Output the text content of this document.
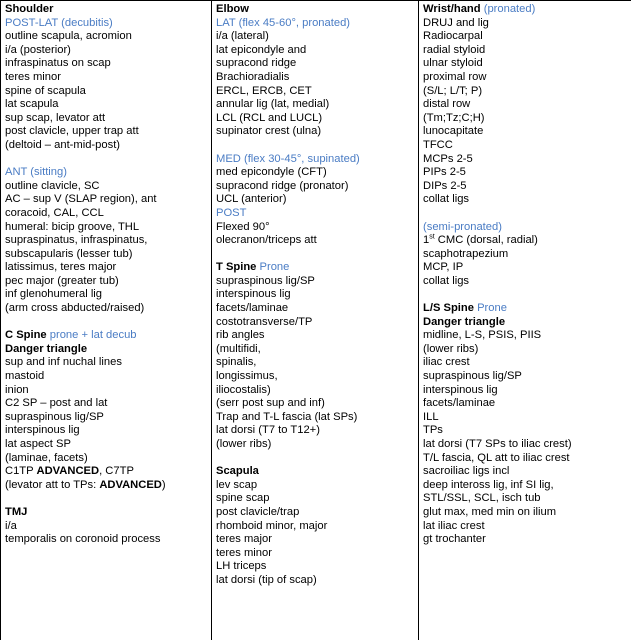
Shoulder
POST-LAT (decubitis)
outline scapula, acromion
i/a (posterior)
infraspinatus on scap
teres minor
spine of scapula
lat scapula
sup scap, levator att
post clavicle, upper trap att
(deltoid – ant-mid-post)
ANT (sitting)
outline clavicle, SC
AC – sup V (SLAP region), ant
coracoid, CAL, CCL
humeral: bicip groove, THL
supraspinatus, infraspinatus,
subscapularis (lesser tub)
latissimus, teres major
pec major (greater tub)
inf glenohumeral lig
(arm cross abducted/raised)
C Spine prone + lat decub
Danger triangle
sup and inf nuchal lines
mastoid
inion
C2 SP – post and lat
supraspinous lig/SP
interspinous lig
lat aspect SP
(laminae, facets)
C1TP ADVANCED, C7TP
(levator att to TPs: ADVANCED)
TMJ
i/a
temporalis on coronoid process
Elbow
LAT (flex 45-60°, pronated)
i/a (lateral)
lat epicondyle and
supracond ridge
Brachioradialis
ERCL, ERCB, CET
annular lig (lat, medial)
LCL (RCL and LUCL)
supinator crest (ulna)
MED (flex 30-45°, supinated)
med epicondyle (CFT)
supracond ridge (pronator)
UCL (anterior)
POST
Flexed 90°
olecranon/triceps att
T Spine Prone
supraspinous lig/SP
interspinous lig
facets/laminae
costotransverse/TP
rib angles
(multifidi,
spinalis,
longissimus,
iliocostalis)
(serr post sup and inf)
Trap and T-L fascia (lat SPs)
lat dorsi (T7 to T12+)
(lower ribs)
Scapula
lev scap
spine scap
post clavicle/trap
rhomboid minor, major
teres major
teres minor
LH triceps
lat dorsi (tip of scap)
Wrist/hand (pronated)
DRUJ and lig
Radiocarpal
radial styloid
ulnar styloid
proximal row
(S/L; L/T; P)
distal row
(Tm;Tz;C;H)
lunocapitate
TFCC
MCPs 2-5
PIPs 2-5
DIPs 2-5
collat ligs
(semi-pronated)
1st CMC (dorsal, radial)
scaphotrapezium
MCP, IP
collat ligs
L/S Spine Prone
Danger triangle
midline, L-S, PSIS, PIIS
(lower ribs)
iliac crest
supraspinous lig/SP
interspinous lig
facets/laminae
ILL
TPs
lat dorsi (T7 SPs to iliac crest)
T/L fascia, QL att to iliac crest
sacroiliac ligs incl
deep inteross lig, inf SI lig,
STL/SSL, SCL, isch tub
glut max, med min on ilium
lat iliac crest
gt trochanter
